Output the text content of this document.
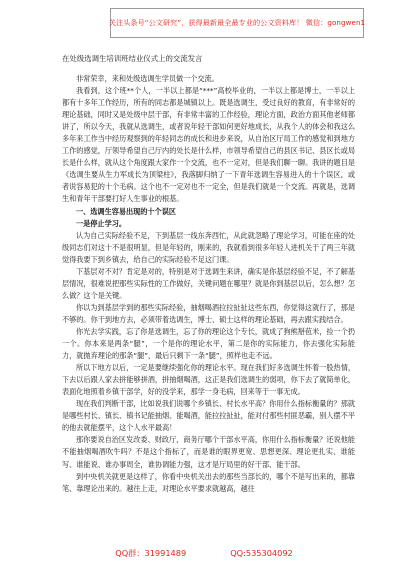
关注头条号“公文研究”，获得最新最全最专业的公文资料库！ 微信：gongwen1
在处级选调生培训班结业仪式上的交流发言

非常荣幸，来和处级选调生学员做一个交流。

我看到，这个班**个人，一半以上都是“***”高校毕业的，一半以上都是博士，一半以上都有十多年工作经历，所有的同志都是城镇以上。既是选调生，受过良好的教育，有非常好的理论基础，同时又是处级中层干部，有非常丰富的工作经验，理论方面，政治方面其他老师都讲了，所以今天，我就从选调生，或者说年轻干部如何更好地成长，从我个人的体会和我这么多年来工作当中经历观察到的年轻同志的成长和进步来说，从自治区厅局工作的感觉和到地方工作的感觉，厅领导希望自己厅内的处长是什么样，市领导希望自己的县区书记、县区长或局长是什么样，就从这个角度跟大家作一个交流，也不一定对，但是我们聊一聊。我讲的题目是《选调生要从生力军成长为顶梁柱》，我落脚归纳了一下青年选调生容易进入的十个误区，或者说容易犯的十个毛病。这个也不一定对也不一定全，但是我们就是一个交流。再就是，选调生和青年干部要打好人生事业的根基。

一、选调生容易出现的十个误区

一是停止学习。

认为自己实际经验不足，下到基层一线东奔西忙，从此就忽略了理论学习，可能在座的处级同志们对这十不是很明显，但是年轻的，刚来的，我就看到很多年轻人进机关于了两三年就觉得我要下到乡镇去，给自己的实际经验不足这门课。

下基层对不对？肯定是对的，特别是对于选调生来讲，确实是你基层经验不足，不了解基层情况，很难说把那些实际性的工作做好，关键问题在哪里？就是你到基层以后，怎么想？怎么做？这个是关键。

你以为到基层学到的那些实际经验，抽烟喝酒拉拉扯扯这些东西，你觉得这就行了，那是不够的。你干到地方去，必须带着选调生，博士、硕士这样的理论基础，再去跟实践结合。

你光去学实践，忘了你是选调生，忘了你的理论这个专长，就成了狗熊掰苞米，捡一个扔一个。你本来是两条“腿”，一个是你的理论水平，第二是你的实际能力，你去强化实际能力，就抛弃理论的那条“腿”，最后只剩下一条“腿”，照样也走不远。

所以下地方以后，一定是要继续强化你的理论水平。现在我们好多选调生怀着一股热情，下去以后跟人家去拼能够拼酒，拼抽烟喝酒，这正是我们选调生的弱项，你下去了就简单化，表面化地照着乡镇干部学，好的没学来，那学一身毛病，回来等于一事无成。

现在我们判断干部，比如说我们说哪个乡镇长、村长水平高？你用什么指标衡量的？那就是哪些村长、镇长、镇书记能抽烟、能喝酒，能拉拉扯扯，能对付那些村匪恶霸，别人摆不平的他去就能摆平，这个人水平最高！

那你要说自治区发改委、财政厅，商务厅哪个干部水平高，你用什么指标衡量？还说他能不能抽烟喝酒吹牛吗？不是这个指标了，而是谁的眼界更宽、思想更深、理论更扎实、谁能写、谁能说、谁办事周全，谁协调能力强，这才是厅局里的好干部、能干部。

到中央机关就更是这样了，你看中央机关出去的那些当部长的，哪个不是写出来的，都靠笔、靠理论出来的。越往上走，对理论水平要求就越高，越往

QQ群：31991489	QQ:535304092
